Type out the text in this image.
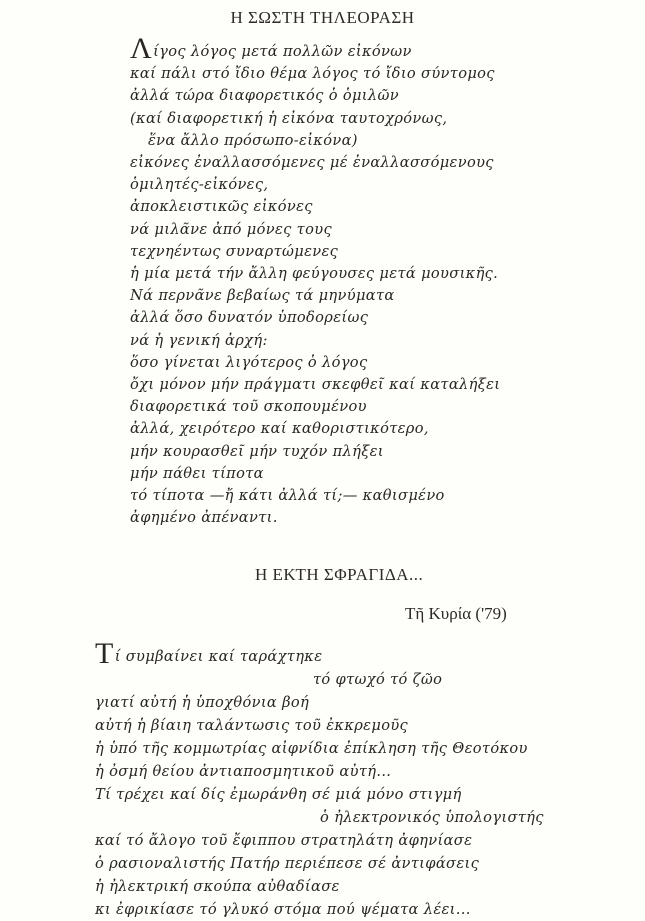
Η ΣΩΣΤΗ ΤΗΛΕΟΡΑΣΗ
Λίγος λόγος μετά πολλῶν εἰκόνων
καί πάλι στό ἴδιο θέμα λόγος τό ἴδιο σύντομος
ἀλλά τώρα διαφορετικός ὁ ὁμιλῶν
(καί διαφορετική ἡ εἰκόνα ταυτοχρόνως,
ἕνα ἄλλο πρόσωπο-εἰκόνα)
εἰκόνες ἐναλλασσόμενες μέ ἐναλλασσόμενους
ὁμιλητές-εἰκόνες,
ἀποκλειστικῶς εἰκόνες
νά μιλᾶνε ἀπό μόνες τους
τεχνηέντως συναρτώμενες
ἡ μία μετά τήν ἄλλη φεύγουσες μετά μουσικῆς.
Νά περνᾶνε βεβαίως τά μηνύματα
ἀλλά ὅσο δυνατόν ὑποδορείως
νά ἡ γενική ἀρχή:
ὅσο γίνεται λιγότερος ὁ λόγος
ὄχι μόνον μήν πράγματι σκεφθεῖ καί καταλήξει
διαφορετικά τοῦ σκοπουμένου
ἀλλά, χειρότερο καί καθοριστικότερο,
μήν κουρασθεῖ μήν τυχόν πλήξει
μήν πάθει τίποτα
τό τίποτα —ἤ κάτι ἀλλά τί;— καθισμένο
ἀφημένο ἀπέναντι.
Η ΕΚΤΗ ΣΦΡΑΓΙΔΑ...
Τῆ Κυρία ('79)
Τί συμβαίνει καί ταράχτηκε
τό φτωχό τό ζῶο
γιατί αὐτή ἡ ὑποχθόνια βοή
αὐτή ἡ βίαιη ταλάντωσις τοῦ ἐκκρεμοῦς
ἡ ὑπό τῆς κομμωτρίας αἰφνίδια ἐπίκληση τῆς Θεοτόκου
ἡ ὀσμή θείου ἀντιαποσμητικοῦ αὐτή...
Τί τρέχει καί δίς ἐμωράνθη σέ μιά μόνο στιγμή
ὁ ἠλεκτρονικός ὑπολογιστής
καί τό ἄλογο τοῦ ἔφιππου στρατηλάτη ἀφηνίασε
ὁ ρασιοναλιστής Πατήρ περιέπεσε σέ ἀντιφάσεις
ἡ ἠλεκτρική σκούπα αὐθαδίασε
κι ἐφρικίασε τό γλυκό στόμα πού ψέματα λέει...
